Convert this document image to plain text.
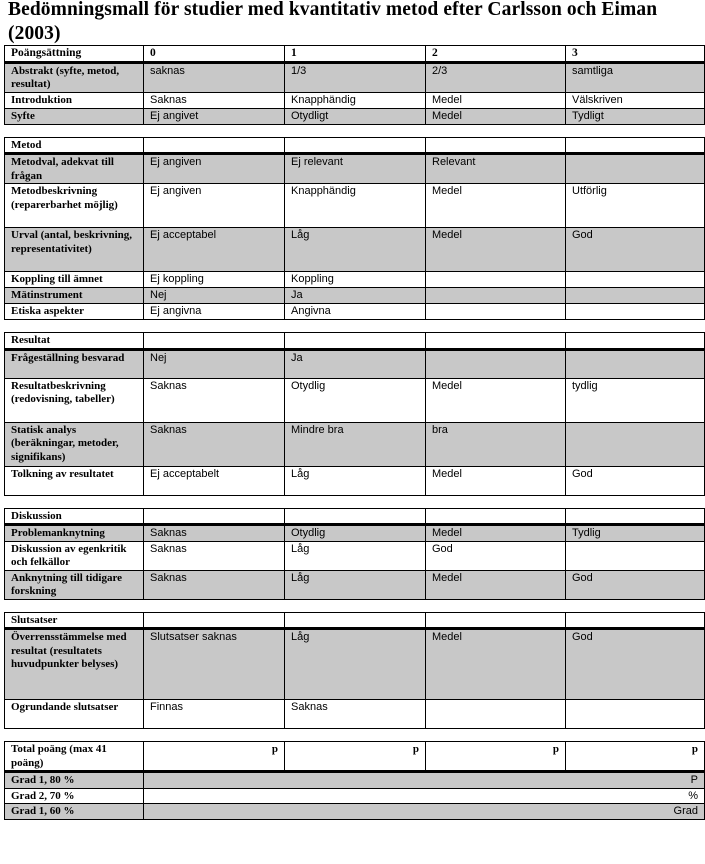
Bedömningsmall för studier med kvantitativ metod efter Carlsson och Eiman (2003)
Poängsättning	0	1	2	3
Abstrakt (syfte, metod, resultat)	saknas	1/3	2/3	samtliga
Introduktion	Saknas	Knapphändig	Medel	Välskriven
Syfte	Ej angivet	Otydligt	Medel	Tydligt

Metod				
Metodval, adekvat till frågan	Ej angiven	Ej relevant	Relevant	
Metodbeskrivning (reparerbarhet möjlig)	Ej angiven	Knapphändig	Medel	Utförlig
Urval (antal, beskrivning, representativitet)	Ej acceptabel	Låg	Medel	God
Koppling till ämnet	Ej koppling	Koppling		
Mätinstrument	Nej	Ja		
Etiska aspekter	Ej angivna	Angivna		

Resultat				
Frågeställning besvarad	Nej	Ja		
Resultatbeskrivning (redovisning, tabeller)	Saknas	Otydlig	Medel	tydlig
Statisk analys (beräkningar, metoder, signifikans)	Saknas	Mindre bra	bra	
Tolkning av resultatet	Ej acceptabelt	Låg	Medel	God

Diskussion				
Problemanknytning	Saknas	Otydlig	Medel	Tydlig
Diskussion av egenkritik och felkällor	Saknas	Låg	God	
Anknytning till tidigare forskning	Saknas	Låg	Medel	God

Slutsatser				
Överrensstämmelse med resultat (resultatets huvudpunkter belyses)	Slutsatser saknas	Låg	Medel	God
Ogrundande slutsatser	Finnas	Saknas		

Total poäng (max 41 poäng)	p	p	p	p
Grad 1, 80 %	P			
Grad 2, 70 %	%			
Grad 1, 60 %	Grad			
